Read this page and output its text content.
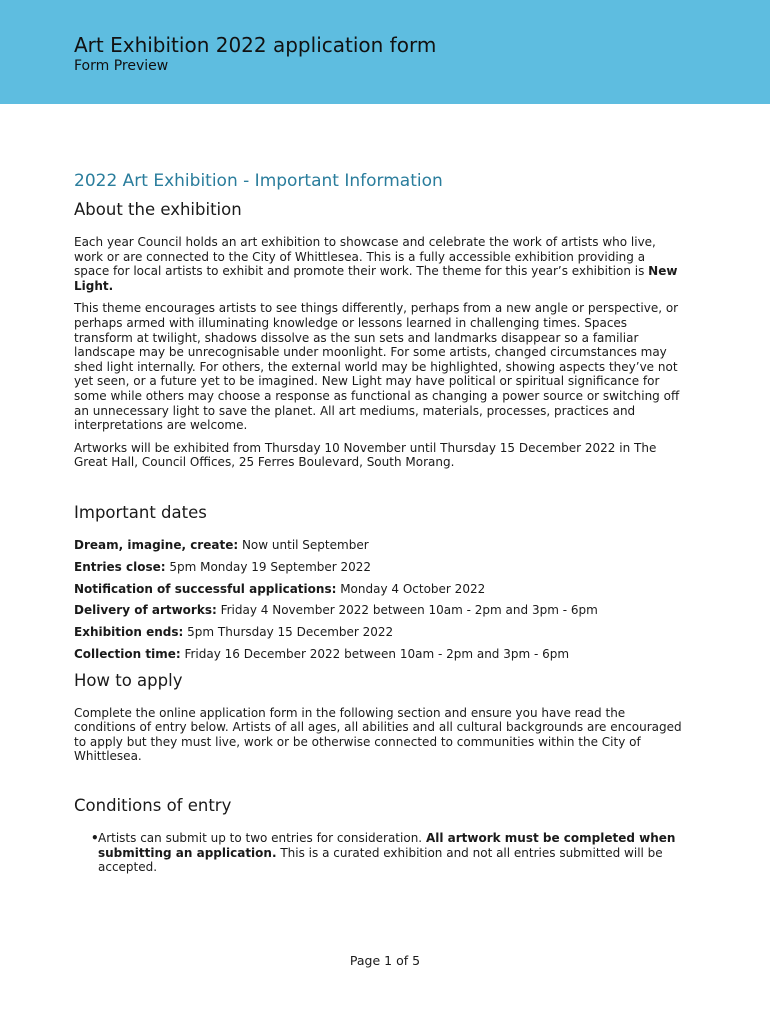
Art Exhibition 2022 application form
Form Preview
2022 Art Exhibition - Important Information
About the exhibition

Each year Council holds an art exhibition to showcase and celebrate the work of artists who live, work or are connected to the City of Whittlesea. This is a fully accessible exhibition providing a space for local artists to exhibit and promote their work. The theme for this year’s exhibition is New Light.

This theme encourages artists to see things differently, perhaps from a new angle or perspective, or perhaps armed with illuminating knowledge or lessons learned in challenging times. Spaces transform at twilight, shadows dissolve as the sun sets and landmarks disappear so a familiar landscape may be unrecognisable under moonlight. For some artists, changed circumstances may shed light internally. For others, the external world may be highlighted, showing aspects they’ve not yet seen, or a future yet to be imagined. New Light may have political or spiritual significance for some while others may choose a response as functional as changing a power source or switching off an unnecessary light to save the planet. All art mediums, materials, processes, practices and interpretations are welcome.

Artworks will be exhibited from Thursday 10 November until Thursday 15 December 2022 in The Great Hall, Council Offices, 25 Ferres Boulevard, South Morang.

Important dates
Dream, imagine, create: Now until September
Entries close: 5pm Monday 19 September 2022
Notification of successful applications: Monday 4 October 2022
Delivery of artworks: Friday 4 November 2022 between 10am - 2pm and 3pm - 6pm
Exhibition ends: 5pm Thursday 15 December 2022
Collection time: Friday 16 December 2022 between 10am - 2pm and 3pm - 6pm
How to apply

Complete the online application form in the following section and ensure you have read the conditions of entry below. Artists of all ages, all abilities and all cultural backgrounds are encouraged to apply but they must live, work or be otherwise connected to communities within the City of Whittlesea.

Conditions of entry
• Artists can submit up to two entries for consideration. All artwork must be completed when submitting an application. This is a curated exhibition and not all entries submitted will be accepted.
Page 1 of 5
